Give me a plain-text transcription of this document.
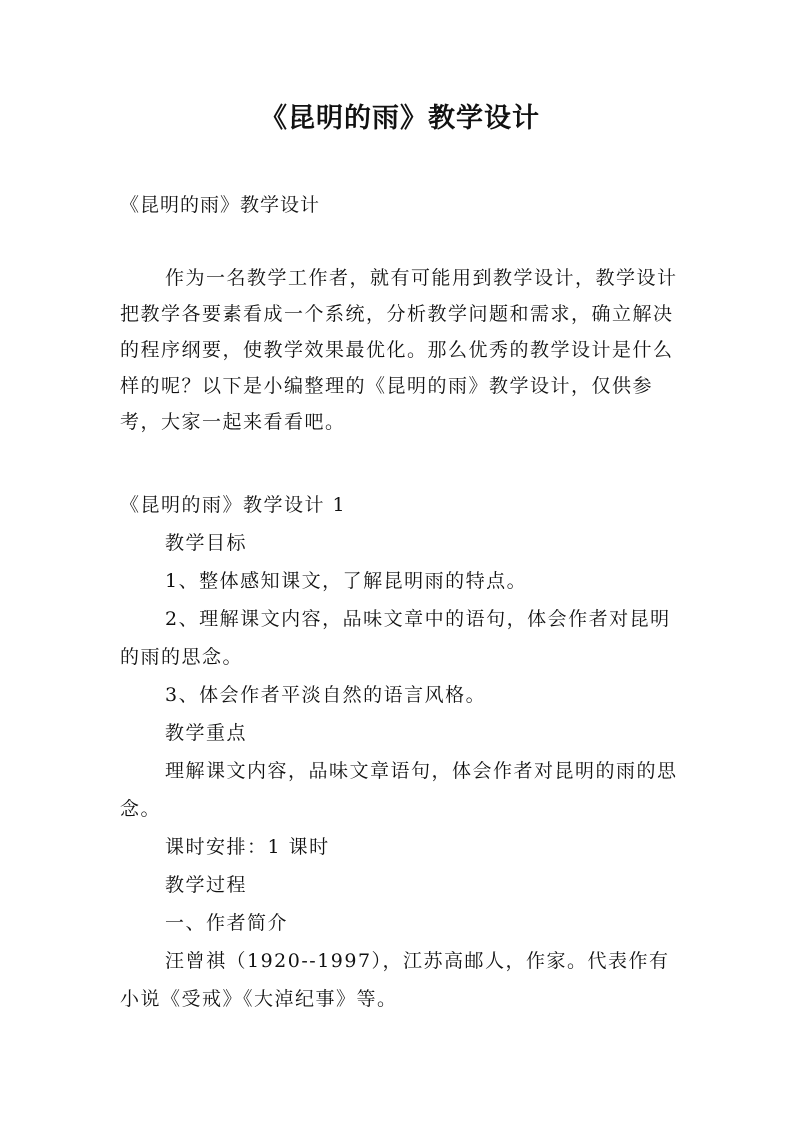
《昆明的雨》教学设计

《昆明的雨》教学设计

作为一名教学工作者，就有可能用到教学设计，教学设计把教学各要素看成一个系统，分析教学问题和需求，确立解决的程序纲要，使教学效果最优化。那么优秀的教学设计是什么样的呢？以下是小编整理的《昆明的雨》教学设计，仅供参考，大家一起来看看吧。

《昆明的雨》教学设计 1

教学目标

1、整体感知课文，了解昆明雨的特点。

2、理解课文内容，品味文章中的语句，体会作者对昆明的雨的思念。

3、体会作者平淡自然的语言风格。

教学重点

理解课文内容，品味文章语句，体会作者对昆明的雨的思念。

课时安排：1 课时

教学过程

一、作者简介

汪曾祺（1920--1997），江苏高邮人，作家。代表作有小说《受戒》《大淖纪事》等。
